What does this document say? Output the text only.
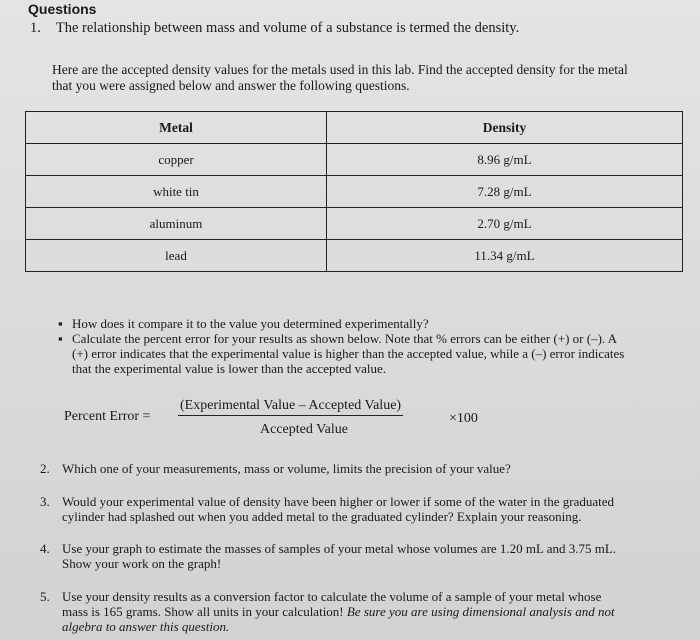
Questions
1. The relationship between mass and volume of a substance is termed the density.
Here are the accepted density values for the metals used in this lab. Find the accepted density for the metal
that you were assigned below and answer the following questions.
Metal	Density
copper	8.96 g/mL
white tin	7.28 g/mL
aluminum	2.70 g/mL
lead	11.34 g/mL
▪ How does it compare it to the value you determined experimentally?
▪ Calculate the percent error for your results as shown below. Note that % errors can be either (+) or (–). A
(+) error indicates that the experimental value is higher than the accepted value, while a (–) error indicates
that the experimental value is lower than the accepted value.
Percent Error =
(Experimental Value – Accepted Value)
Accepted Value
×100
2. Which one of your measurements, mass or volume, limits the precision of your value?
3. Would your experimental value of density have been higher or lower if some of the water in the graduated
cylinder had splashed out when you added metal to the graduated cylinder? Explain your reasoning.
4. Use your graph to estimate the masses of samples of your metal whose volumes are 1.20 mL and 3.75 mL.
Show your work on the graph!
5. Use your density results as a conversion factor to calculate the volume of a sample of your metal whose
mass is 165 grams. Show all units in your calculation! Be sure you are using dimensional analysis and not
algebra to answer this question.
